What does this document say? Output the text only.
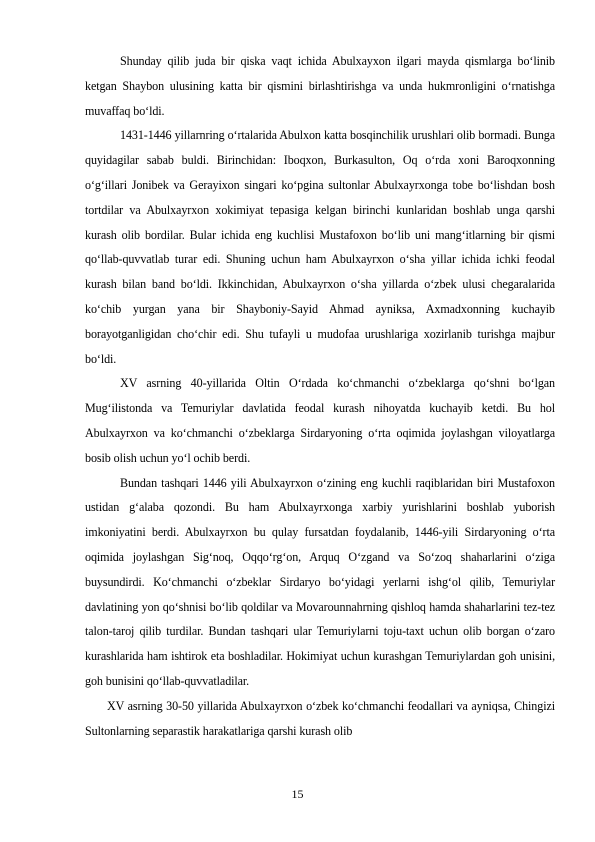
Shunday qilib juda bir qiska vaqt ichida Abulxayxon ilgari mayda qismlarga bo‘linib ketgan Shaybon ulusining katta bir qismini birlashtirishga va unda hukmronligini o‘rnatishga muvaffaq bo‘ldi.

1431-1446 yillarnring o‘rtalarida Abulxon katta bosqinchilik urushlari olib bormadi. Bunga quyidagilar sabab buldi. Birinchidan: Iboqxon, Burkasulton, Oq o‘rda xoni Baroqxonning o‘g‘illari Jonibek va Gerayixon singari ko‘pgina sultonlar Abulxayrxonga tobe bo‘lishdan bosh tortdilar va Abulxayrxon xokimiyat tepasiga kelgan birinchi kunlaridan boshlab unga qarshi kurash olib bordilar. Bular ichida eng kuchlisi Mustafoxon bo‘lib uni mang‘itlarning bir qismi qo‘llab-quvvatlab turar edi. Shuning uchun ham Abulxayrxon o‘sha yillar ichida ichki feodal kurash bilan band bo‘ldi. Ikkinchidan, Abulxayrxon o‘sha yillarda o‘zbek ulusi chegaralarida ko‘chib yurgan yana bir Shayboniy-Sayid Ahmad ayniksa, Axmadxonning kuchayib borayotganligidan cho‘chir edi. Shu tufayli u mudofaa urushlariga xozirlanib turishga majbur bo‘ldi.

XV asrning 40-yillarida Oltin O‘rdada ko‘chmanchi o‘zbeklarga qo‘shni bo‘lgan Mug‘ilistonda va Temuriylar davlatida feodal kurash nihoyatda kuchayib ketdi. Bu hol Abulxayrxon va ko‘chmanchi o‘zbeklarga Sirdaryoning o‘rta oqimida joylashgan viloyatlarga bosib olish uchun yo‘l ochib berdi.

Bundan tashqari 1446 yili Abulxayrxon o‘zining eng kuchli raqiblaridan biri Mustafoxon ustidan g‘alaba qozondi. Bu ham Abulxayrxonga xarbiy yurishlarini boshlab yuborish imkoniyatini berdi. Abulxayrxon bu qulay fursatdan foydalanib, 1446-yili Sirdaryoning o‘rta oqimida joylashgan Sig‘noq, Oqqo‘rg‘on, Arquq O‘zgand va So‘zoq shaharlarini o‘ziga buysundirdi. Ko‘chmanchi o‘zbeklar Sirdaryo bo‘yidagi yerlarni ishg‘ol qilib, Temuriylar davlatining yon qo‘shnisi bo‘lib qoldilar va Movarounnahrning qishloq hamda shaharlarini tez-tez talon-taroj qilib turdilar. Bundan tashqari ular Temuriylarni toju-taxt uchun olib borgan o‘zaro kurashlarida ham ishtirok eta boshladilar. Hokimiyat uchun kurashgan Temuriylardan goh unisini, goh bunisini qo‘llab-quvvatladilar.

XV asrning 30-50 yillarida Abulxayrxon o‘zbek ko‘chmanchi feodallari va ayniqsa, Chingizi Sultonlarning separastik harakatlariga qarshi kurash olib

15
